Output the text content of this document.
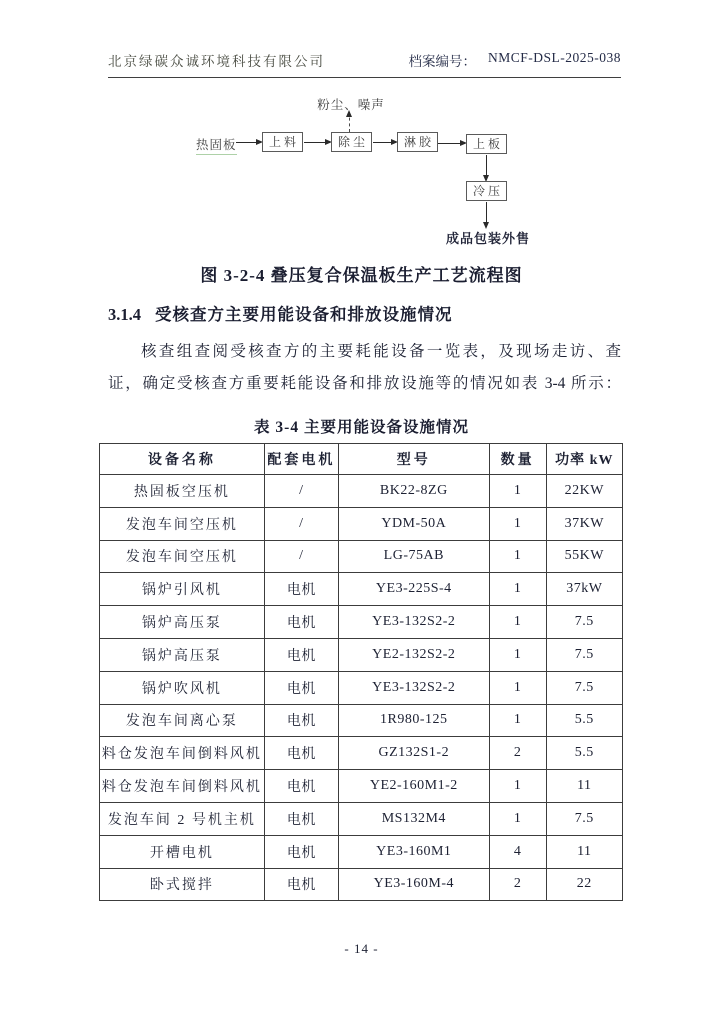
北京绿碳众诚环境科技有限公司	档案编号： NMCF-DSL-2025-038
粉尘、噪声
热固板	上 料	除 尘	淋 胶	上 板
冷 压
成品包装外售
图 3-2-4 叠压复合保温板生产工艺流程图
3.1.4 受核查方主要用能设备和排放设施情况
核查组查阅受核查方的主要耗能设备一览表，及现场走访、查
证，确定受核查方重要耗能设备和排放设施等的情况如表 3-4 所示：
表 3-4 主要用能设备设施情况
设备名称	配套电机	型号	数量	功率 kW
热固板空压机	/	BK22-8ZG	1	22KW
发泡车间空压机	/	YDM-50A	1	37KW
发泡车间空压机	/	LG-75AB	1	55KW
锅炉引风机	电机	YE3-225S-4	1	37kW
锅炉高压泵	电机	YE3-132S2-2	1	7.5
锅炉高压泵	电机	YE2-132S2-2	1	7.5
锅炉吹风机	电机	YE3-132S2-2	1	7.5
发泡车间离心泵	电机	1R980-125	1	5.5
料仓发泡车间倒料风机	电机	GZ132S1-2	2	5.5
料仓发泡车间倒料风机	电机	YE2-160M1-2	1	11
发泡车间 2 号机主机	电机	MS132M4	1	7.5
开槽电机	电机	YE3-160M1	4	11
卧式搅拌	电机	YE3-160M-4	2	22
- 14 -
